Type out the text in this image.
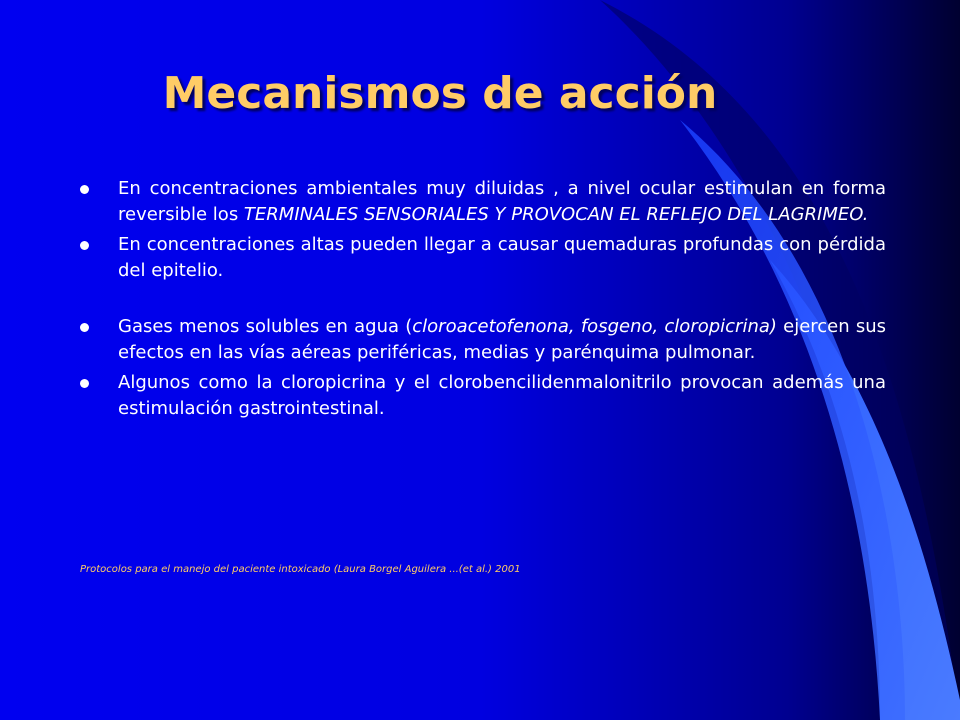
Mecanismos de acción
En concentraciones ambientales muy diluidas , a nivel ocular estimulan en forma reversible los TERMINALES SENSORIALES Y PROVOCAN EL REFLEJO DEL LAGRIMEO.
En concentraciones altas pueden llegar a causar quemaduras profundas con pérdida del epitelio.
Gases menos solubles en agua (cloroacetofenona, fosgeno, cloropicrina) ejercen sus efectos en las vías aéreas periféricas, medias y parénquima pulmonar.
Algunos como la cloropicrina y el clorobencilidenmalonitrilo provocan además una estimulación gastrointestinal.
Protocolos para el manejo del paciente intoxicado (Laura Borgel Aguilera ...(et al.) 2001
